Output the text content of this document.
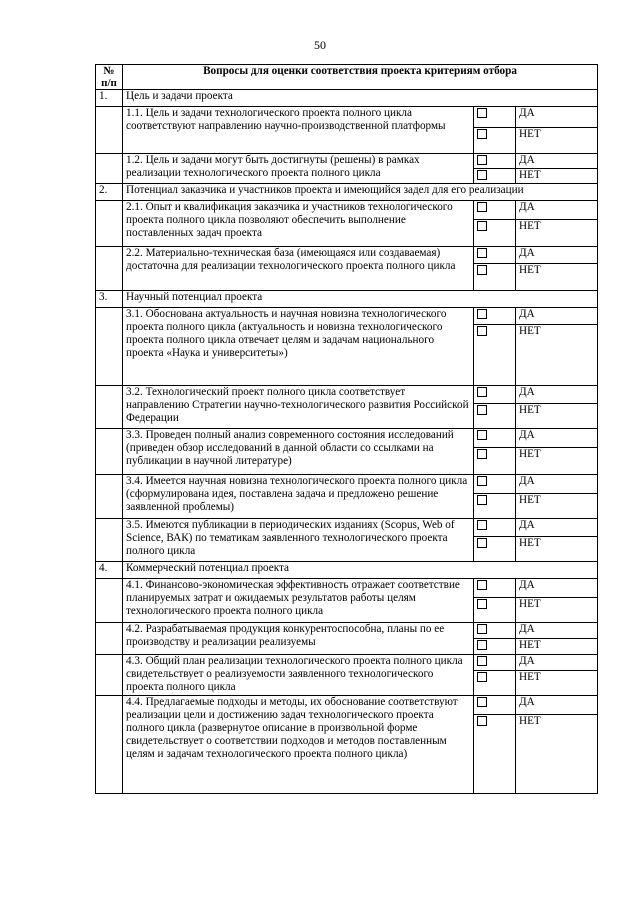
50
№ п/п	Вопросы для оценки соответствия проекта критериям отбора		
1.	Цель и задачи проекта		
	1.1. Цель и задачи технологического проекта полного цикла соответствуют направлению научно-производственной платформы		ДА
			НЕТ
	1.2. Цель и задачи могут быть достигнуты (решены) в рамках реализации технологического проекта полного цикла		ДА
			НЕТ
2.	Потенциал заказчика и участников проекта и имеющийся задел для его реализации		
	2.1. Опыт и квалификация заказчика и участников технологического проекта полного цикла позволяют обеспечить выполнение поставленных задач проекта		ДА
			НЕТ
	2.2. Материально-техническая база (имеющаяся или создаваемая) достаточна для реализации технологического проекта полного цикла		ДА
			НЕТ
3.	Научный потенциал проекта		
	3.1. Обоснована актуальность и научная новизна технологического проекта полного цикла (актуальность и новизна технологического проекта полного цикла отвечает целям и задачам национального проекта «Наука и университеты»)		ДА
			НЕТ
	3.2. Технологический проект полного цикла соответствует направлению Стратегии научно-технологического развития Российской Федерации		ДА
			НЕТ
	3.3. Проведен полный анализ современного состояния исследований (приведен обзор исследований в данной области со ссылками на публикации в научной литературе)		ДА
			НЕТ
	3.4. Имеется научная новизна технологического проекта полного цикла (сформулирована идея, поставлена задача и предложено решение заявленной проблемы)		ДА
			НЕТ
	3.5. Имеются публикации в периодических изданиях (Scopus, Web of Science, ВАК) по тематикам заявленного технологического проекта полного цикла		ДА
			НЕТ
4.	Коммерческий потенциал проекта		
	4.1. Финансово-экономическая эффективность отражает соответствие планируемых затрат и ожидаемых результатов работы целям технологического проекта полного цикла		ДА
			НЕТ
	4.2. Разрабатываемая продукция конкурентоспособна, планы по ее производству и реализации реализуемы		ДА
			НЕТ
	4.3. Общий план реализации технологического проекта полного цикла свидетельствует о реализуемости заявленного технологического проекта полного цикла		ДА
			НЕТ
	4.4. Предлагаемые подходы и методы, их обоснование соответствуют реализации цели и достижению задач технологического проекта полного цикла (развернутое описание в произвольной форме свидетельствует о соответствии подходов и методов поставленным целям и задачам технологического проекта полного цикла)		ДА
			НЕТ
